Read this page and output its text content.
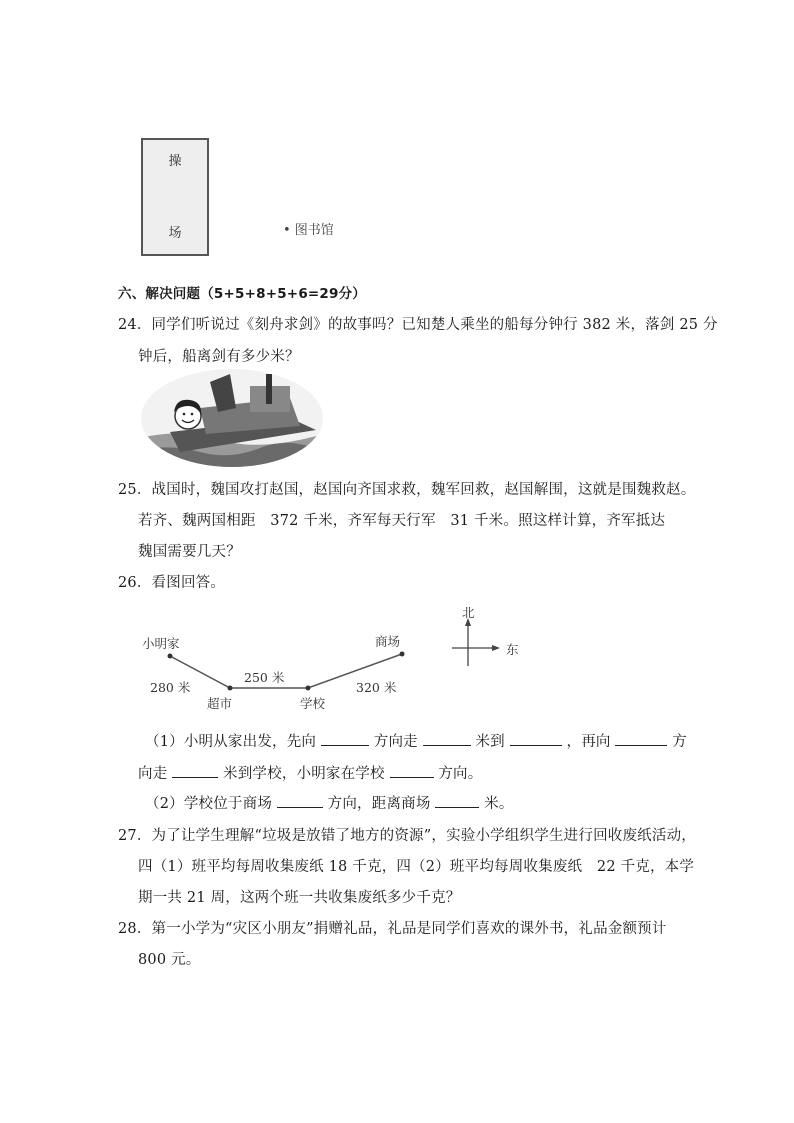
操
场	• 图书馆
六、解决问题（5+5+8+5+6=29分）
24．同学们听说过《刻舟求剑》的故事吗？已知楚人乘坐的船每分钟行 382 米，落剑 25 分
钟后，船离剑有多少米？
25．战国时，魏国攻打赵国，赵国向齐国求救，魏军回救，赵国解围，这就是围魏救赵。
若齐、魏两国相距　372 千米，齐军每天行军　31 千米。照这样计算，齐军抵达
魏国需要几天？
26．看图回答。
小明家	商场
超市	学校
280 米
250 米
320 米
北
东
（1）小明从家出发，先向	方向走	米到	，再向	方
向走	米到学校，小明家在学校	方向。
（2）学校位于商场	方向，距离商场	米。
27．为了让学生理解“垃圾是放错了地方的资源”，实验小学组织学生进行回收废纸活动，
四（1）班平均每周收集废纸 18 千克，四（2）班平均每周收集废纸　22 千克，本学
期一共 21 周，这两个班一共收集废纸多少千克？
28．第一小学为“灾区小朋友”捐赠礼品，礼品是同学们喜欢的课外书，礼品金额预计
800 元。
